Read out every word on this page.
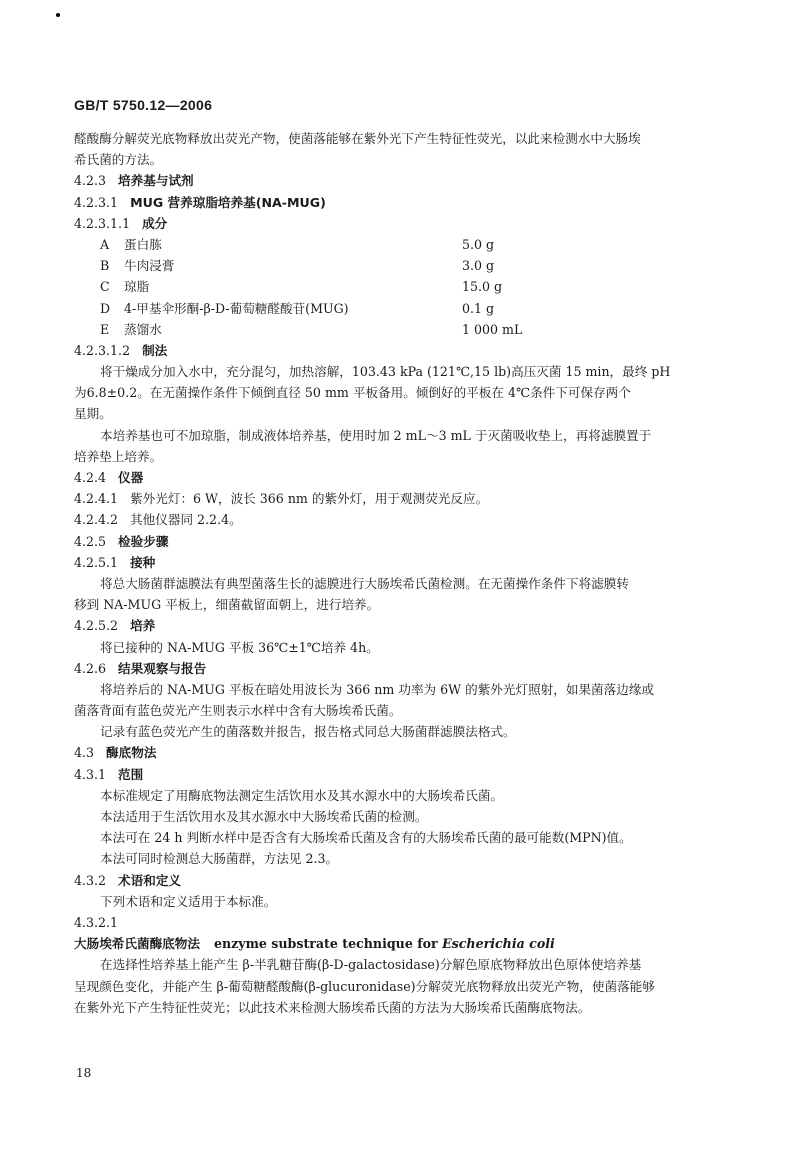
GB/T 5750.12—2006
醛酸酶分解荧光底物释放出荧光产物，使菌落能够在紫外光下产生特征性荧光，以此来检测水中大肠埃
希氏菌的方法。
4.2.3 培养基与试剂
4.2.3.1 MUG 营养琼脂培养基(NA-MUG)
4.2.3.1.1 成分
A	蛋白胨	5.0 g
B	牛肉浸膏	3.0 g
C	琼脂	15.0 g
D	4-甲基伞形酮-β-D-葡萄糖醛酸苷(MUG)	0.1 g
E	蒸馏水	1 000 mL
4.2.3.1.2 制法
将干燥成分加入水中，充分混匀，加热溶解，103.43 kPa (121℃,15 lb)高压灭菌 15 min，最终 pH
为6.8±0.2。在无菌操作条件下倾倒直径 50 mm 平板备用。倾倒好的平板在 4℃条件下可保存两个
星期。
本培养基也可不加琼脂，制成液体培养基，使用时加 2 mL～3 mL 于灭菌吸收垫上，再将滤膜置于
培养垫上培养。
4.2.4 仪器
4.2.4.1 紫外光灯：6 W，波长 366 nm 的紫外灯，用于观测荧光反应。
4.2.4.2 其他仪器同 2.2.4。
4.2.5 检验步骤
4.2.5.1 接种
将总大肠菌群滤膜法有典型菌落生长的滤膜进行大肠埃希氏菌检测。在无菌操作条件下将滤膜转
移到 NA-MUG 平板上，细菌截留面朝上，进行培养。
4.2.5.2 培养
将已接种的 NA-MUG 平板 36℃±1℃培养 4h。
4.2.6 结果观察与报告
将培养后的 NA-MUG 平板在暗处用波长为 366 nm 功率为 6W 的紫外光灯照射，如果菌落边缘或
菌落背面有蓝色荧光产生则表示水样中含有大肠埃希氏菌。
记录有蓝色荧光产生的菌落数并报告，报告格式同总大肠菌群滤膜法格式。
4.3 酶底物法
4.3.1 范围
本标准规定了用酶底物法测定生活饮用水及其水源水中的大肠埃希氏菌。
本法适用于生活饮用水及其水源水中大肠埃希氏菌的检测。
本法可在 24 h 判断水样中是否含有大肠埃希氏菌及含有的大肠埃希氏菌的最可能数(MPN)值。
本法可同时检测总大肠菌群，方法见 2.3。
4.3.2 术语和定义
下列术语和定义适用于本标准。
4.3.2.1
大肠埃希氏菌酶底物法 enzyme substrate technique for Escherichia coli
在选择性培养基上能产生 β-半乳糖苷酶(β-D-galactosidase)分解色原底物释放出色原体使培养基
呈现颜色变化，并能产生 β-葡萄糖醛酸酶(β-glucuronidase)分解荧光底物释放出荧光产物，使菌落能够
在紫外光下产生特征性荧光；以此技术来检测大肠埃希氏菌的方法为大肠埃希氏菌酶底物法。
18
